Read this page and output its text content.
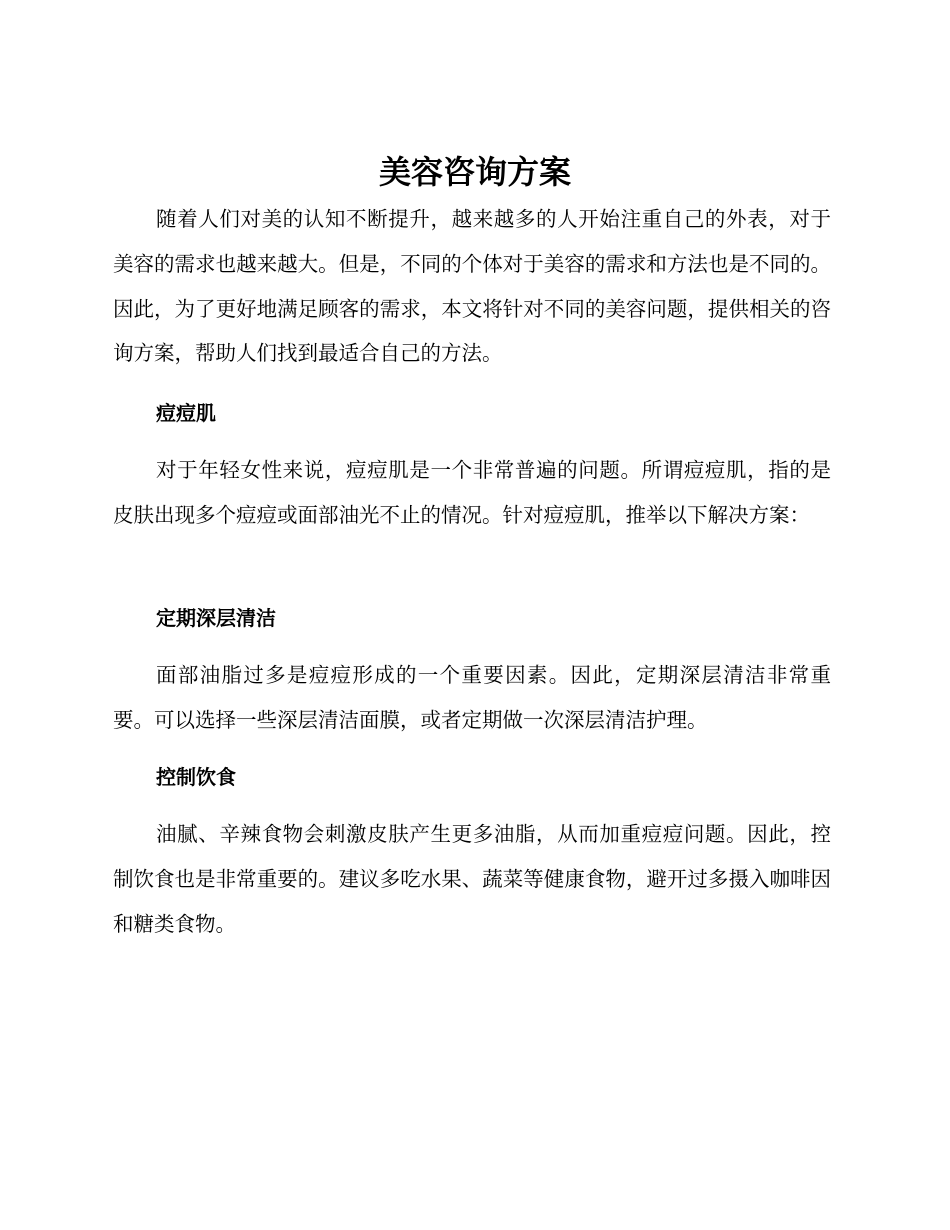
美容咨询方案

随着人们对美的认知不断提升，越来越多的人开始注重自己的外表，对于美容的需求也越来越大。但是，不同的个体对于美容的需求和方法也是不同的。因此，为了更好地满足顾客的需求，本文将针对不同的美容问题，提供相关的咨询方案，帮助人们找到最适合自己的方法。

痘痘肌

对于年轻女性来说，痘痘肌是一个非常普遍的问题。所谓痘痘肌，指的是皮肤出现多个痘痘或面部油光不止的情况。针对痘痘肌，推举以下解决方案：

定期深层清洁

面部油脂过多是痘痘形成的一个重要因素。因此，定期深层清洁非常重要。可以选择一些深层清洁面膜，或者定期做一次深层清洁护理。

控制饮食

油腻、辛辣食物会刺激皮肤产生更多油脂，从而加重痘痘问题。因此，控制饮食也是非常重要的。建议多吃水果、蔬菜等健康食物，避开过多摄入咖啡因和糖类食物。
